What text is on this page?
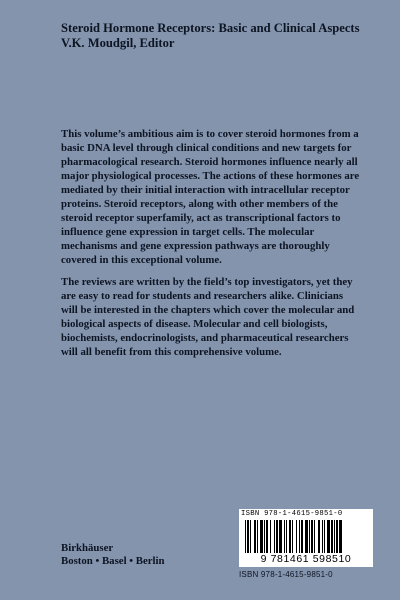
Steroid Hormone Receptors: Basic and Clinical Aspects
V.K. Moudgil, Editor

This volume’s ambitious aim is to cover steroid hormones from a basic DNA level through clinical conditions and new targets for pharmacological research. Steroid hormones influence nearly all major physiological processes. The actions of these hormones are mediated by their initial interaction with intracellular receptor proteins. Steroid receptors, along with other members of the steroid receptor superfamily, act as transcriptional factors to influence gene expression in target cells. The molecular mechanisms and gene expression pathways are thoroughly covered in this exceptional volume.

The reviews are written by the field’s top investigators, yet they are easy to read for students and researchers alike. Clinicians will be interested in the chapters which cover the molecular and biological aspects of disease. Molecular and cell biologists, biochemists, endocrinologists, and pharmaceutical researchers will all benefit from this comprehensive volume.

ISBN 978-1-4615-9851-0
9 781461 598510
ISBN 978-1-4615-9851-0
Birkhäuser
Boston • Basel • Berlin
